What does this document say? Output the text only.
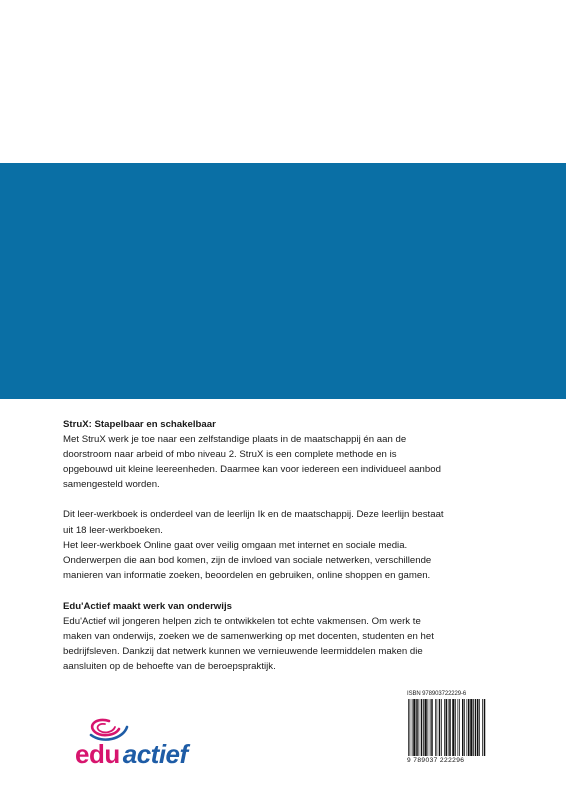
StruX: Stapelbaar en schakelbaar

Met StruX werk je toe naar een zelfstandige plaats in de maatschappij én aan de

doorstroom naar arbeid of mbo niveau 2. StruX is een complete methode en is

opgebouwd uit kleine leereenheden. Daarmee kan voor iedereen een individueel aanbod

samengesteld worden.

Dit leer-werkboek is onderdeel van de leerlijn Ik en de maatschappij. Deze leerlijn bestaat

uit 18 leer-werkboeken.

Het leer-werkboek Online gaat over veilig omgaan met internet en sociale media.

Onderwerpen die aan bod komen, zijn de invloed van sociale netwerken, verschillende

manieren van informatie zoeken, beoordelen en gebruiken, online shoppen en gamen.

Edu'Actief maakt werk van onderwijs

Edu'Actief wil jongeren helpen zich te ontwikkelen tot echte vakmensen. Om werk te

maken van onderwijs, zoeken we de samenwerking op met docenten, studenten en het

bedrijfsleven. Dankzij dat netwerk kunnen we vernieuwende leermiddelen maken die

aansluiten op de behoefte van de beroepspraktijk.

edu actief
ISBN 978903722229-6
9 789037 222296
